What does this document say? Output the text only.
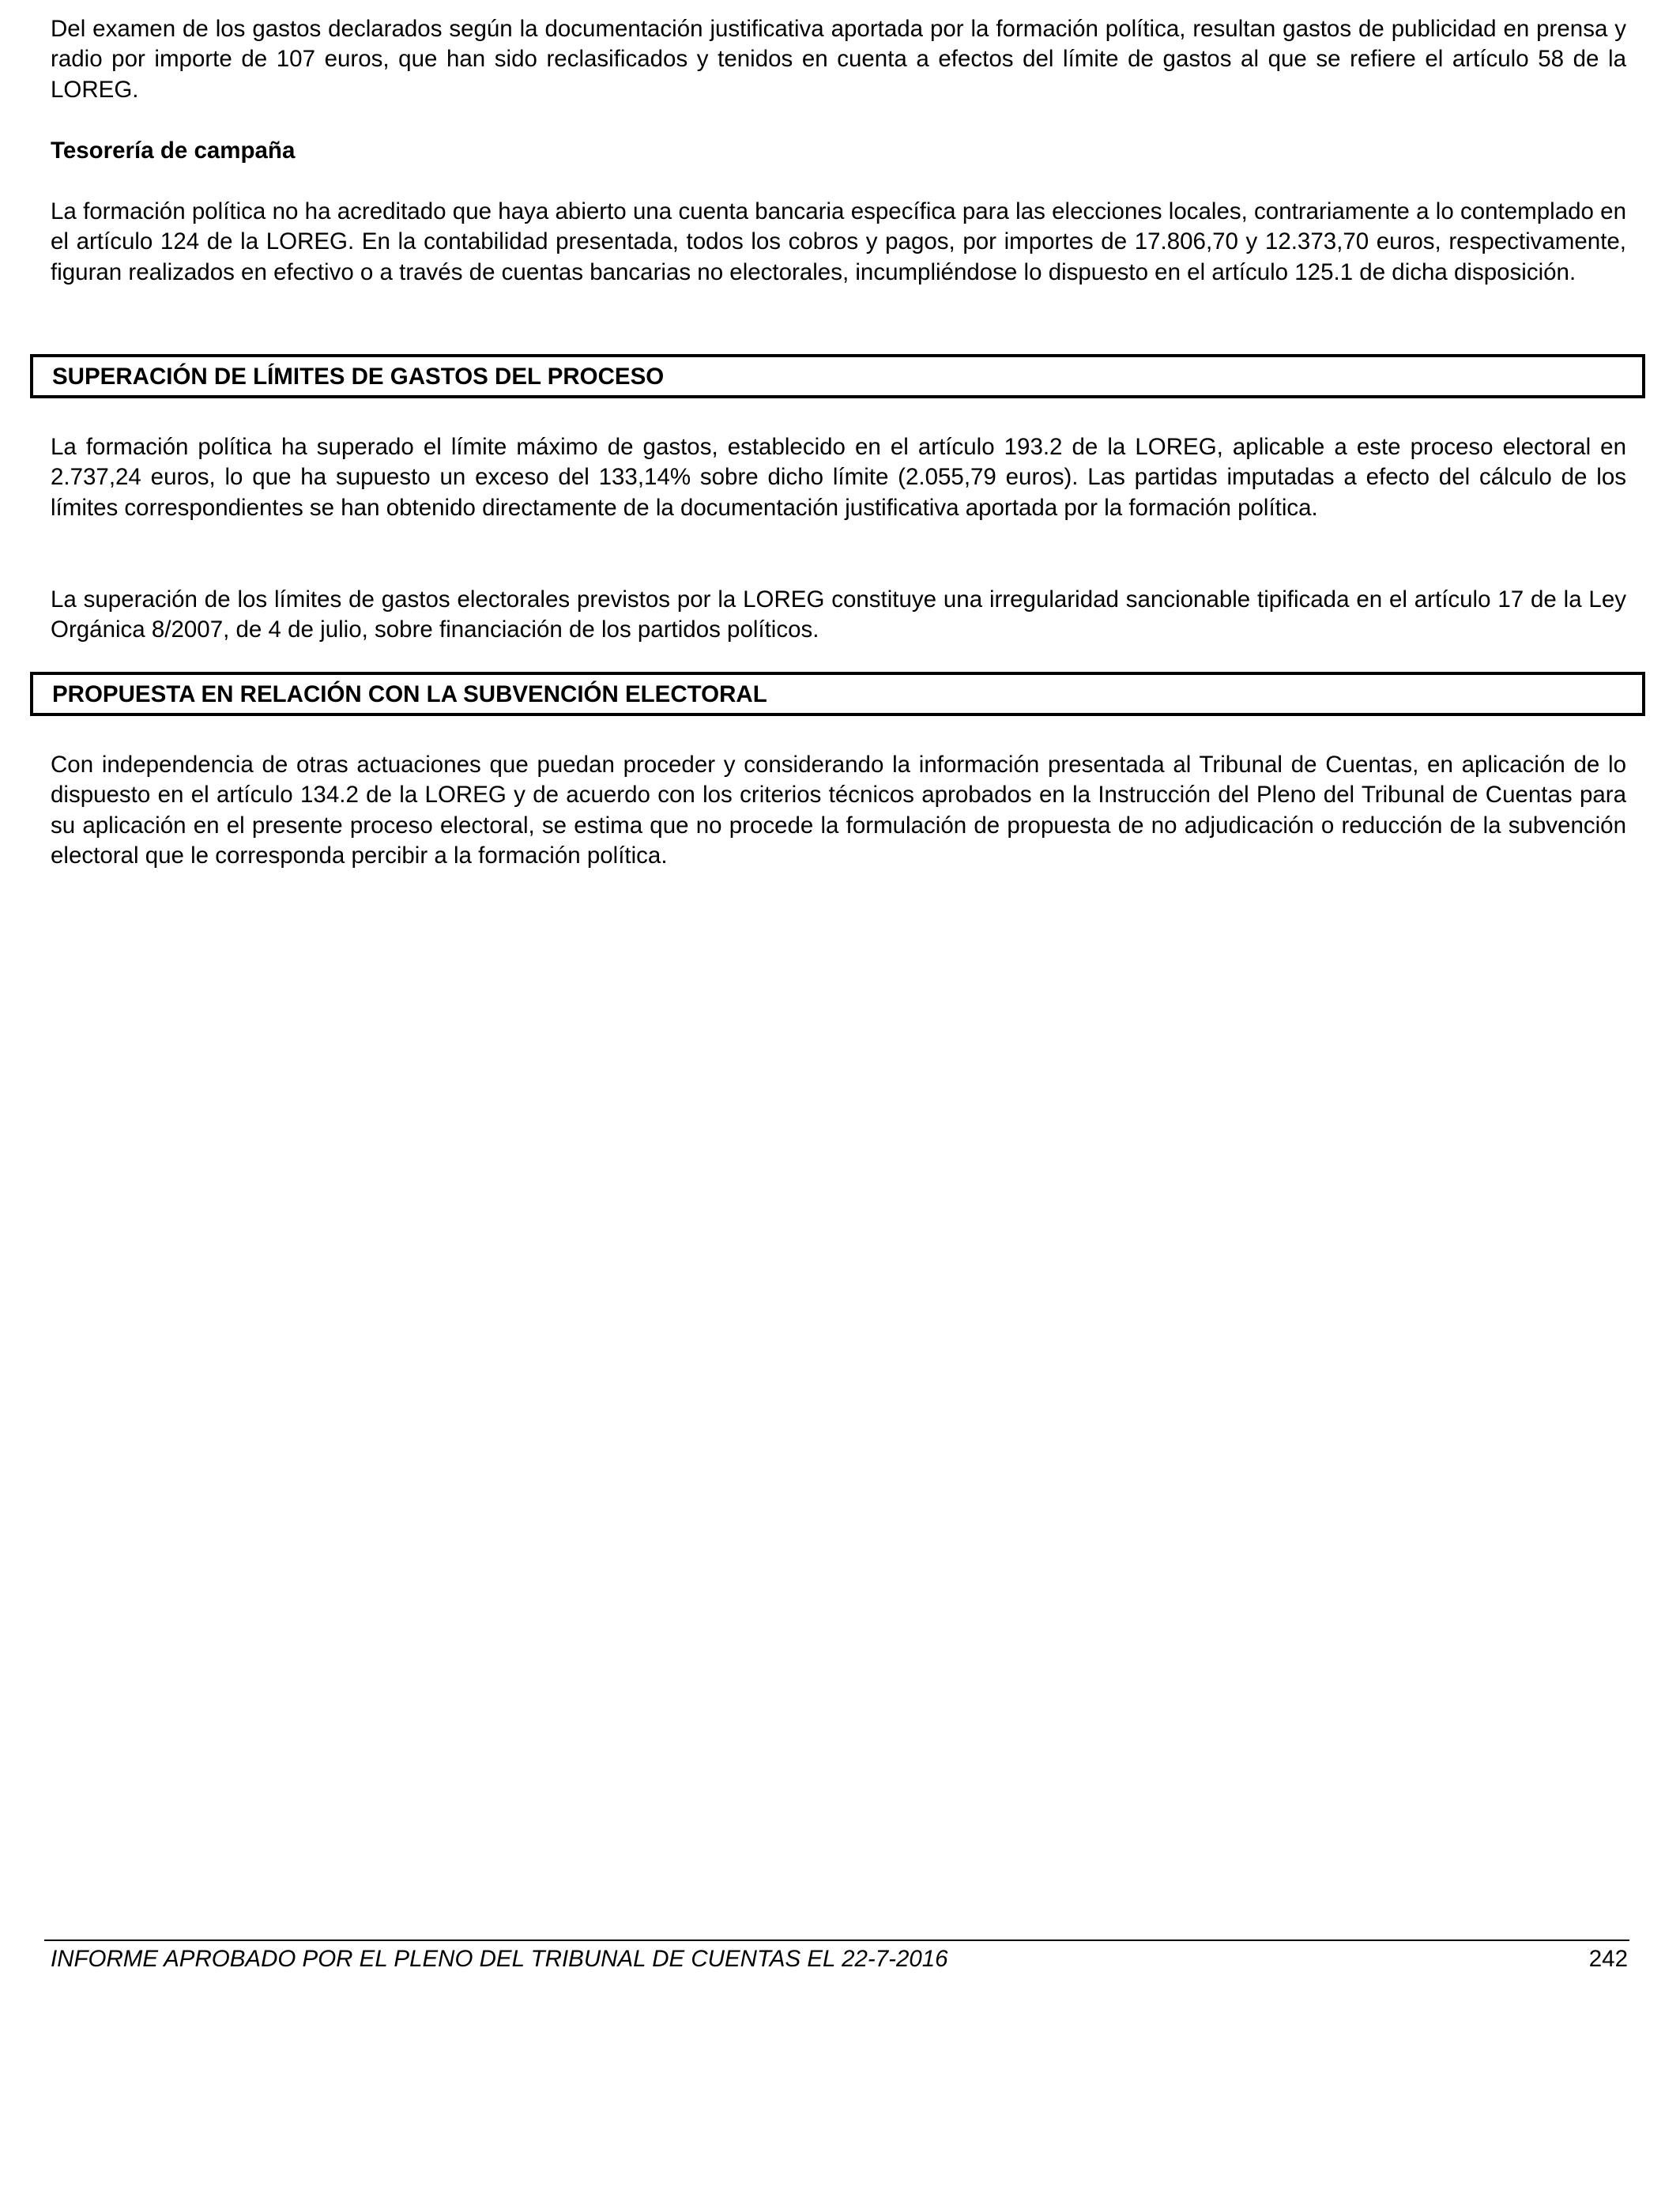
Del examen de los gastos declarados según la documentación justificativa aportada por la formación política, resultan gastos de publicidad en prensa y radio por importe de 107 euros, que han sido reclasificados y tenidos en cuenta a efectos del límite de gastos al que se refiere el artículo 58 de la LOREG.

Tesorería de campaña

La formación política no ha acreditado que haya abierto una cuenta bancaria específica para las elecciones locales, contrariamente a lo contemplado en el artículo 124 de la LOREG. En la contabilidad presentada, todos los cobros y pagos, por importes de 17.806,70 y 12.373,70 euros, respectivamente, figuran realizados en efectivo o a través de cuentas bancarias no electorales, incumpliéndose lo dispuesto en el artículo 125.1 de dicha disposición.

SUPERACIÓN DE LÍMITES DE GASTOS DEL PROCESO

La formación política ha superado el límite máximo de gastos, establecido en el artículo 193.2 de la LOREG, aplicable a este proceso electoral en 2.737,24 euros, lo que ha supuesto un exceso del 133,14% sobre dicho límite (2.055,79 euros). Las partidas imputadas a efecto del cálculo de los límites correspondientes se han obtenido directamente de la documentación justificativa aportada por la formación política.

La superación de los límites de gastos electorales previstos por la LOREG constituye una irregularidad sancionable tipificada en el artículo 17 de la Ley Orgánica 8/2007, de 4 de julio, sobre financiación de los partidos políticos.

PROPUESTA EN RELACIÓN CON LA SUBVENCIÓN ELECTORAL

Con independencia de otras actuaciones que puedan proceder y considerando la información presentada al Tribunal de Cuentas, en aplicación de lo dispuesto en el artículo 134.2 de la LOREG y de acuerdo con los criterios técnicos aprobados en la Instrucción del Pleno del Tribunal de Cuentas para su aplicación en el presente proceso electoral, se estima que no procede la formulación de propuesta de no adjudicación o reducción de la subvención electoral que le corresponda percibir a la formación política.

INFORME APROBADO POR EL PLENO DEL TRIBUNAL DE CUENTAS EL 22-7-2016	242
